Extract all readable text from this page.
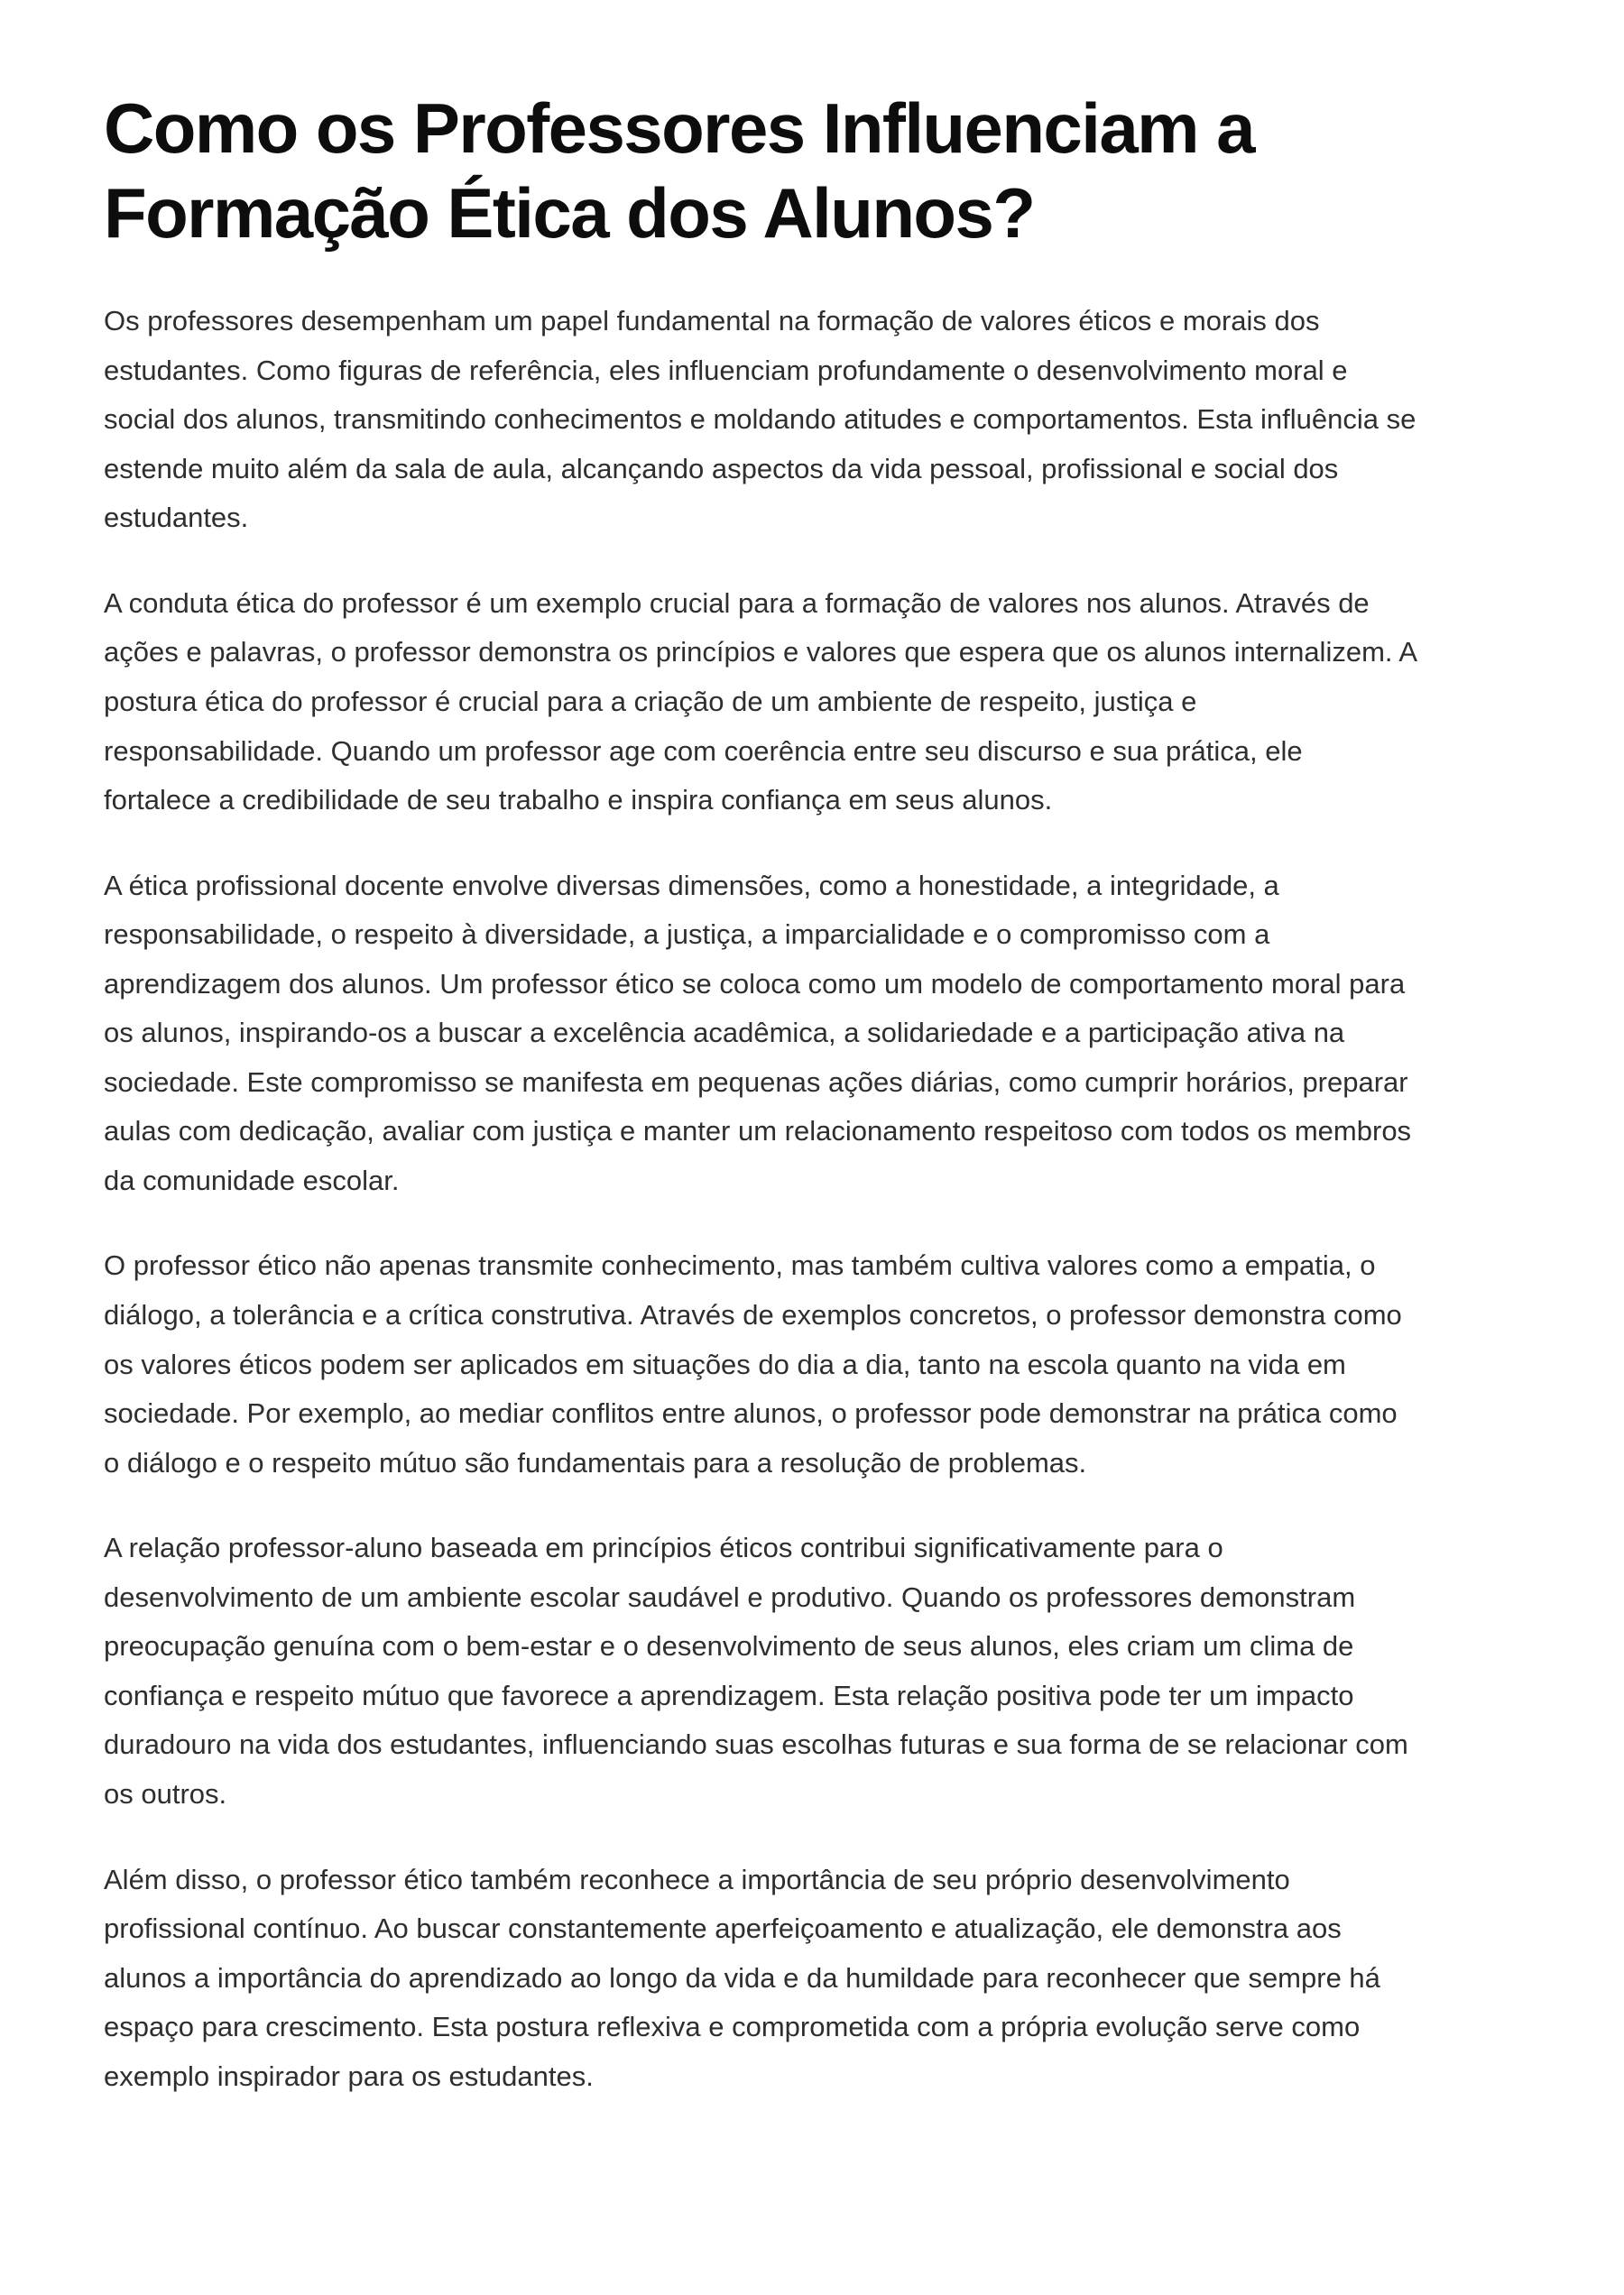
Como os Professores Influenciam a Formação Ética dos Alunos?

Os professores desempenham um papel fundamental na formação de valores éticos e morais dos estudantes. Como figuras de referência, eles influenciam profundamente o desenvolvimento moral e social dos alunos, transmitindo conhecimentos e moldando atitudes e comportamentos. Esta influência se estende muito além da sala de aula, alcançando aspectos da vida pessoal, profissional e social dos estudantes.

A conduta ética do professor é um exemplo crucial para a formação de valores nos alunos. Através de ações e palavras, o professor demonstra os princípios e valores que espera que os alunos internalizem. A postura ética do professor é crucial para a criação de um ambiente de respeito, justiça e responsabilidade. Quando um professor age com coerência entre seu discurso e sua prática, ele fortalece a credibilidade de seu trabalho e inspira confiança em seus alunos.

A ética profissional docente envolve diversas dimensões, como a honestidade, a integridade, a responsabilidade, o respeito à diversidade, a justiça, a imparcialidade e o compromisso com a aprendizagem dos alunos. Um professor ético se coloca como um modelo de comportamento moral para os alunos, inspirando-os a buscar a excelência acadêmica, a solidariedade e a participação ativa na sociedade. Este compromisso se manifesta em pequenas ações diárias, como cumprir horários, preparar aulas com dedicação, avaliar com justiça e manter um relacionamento respeitoso com todos os membros da comunidade escolar.

O professor ético não apenas transmite conhecimento, mas também cultiva valores como a empatia, o diálogo, a tolerância e a crítica construtiva. Através de exemplos concretos, o professor demonstra como os valores éticos podem ser aplicados em situações do dia a dia, tanto na escola quanto na vida em sociedade. Por exemplo, ao mediar conflitos entre alunos, o professor pode demonstrar na prática como o diálogo e o respeito mútuo são fundamentais para a resolução de problemas.

A relação professor-aluno baseada em princípios éticos contribui significativamente para o desenvolvimento de um ambiente escolar saudável e produtivo. Quando os professores demonstram preocupação genuína com o bem-estar e o desenvolvimento de seus alunos, eles criam um clima de confiança e respeito mútuo que favorece a aprendizagem. Esta relação positiva pode ter um impacto duradouro na vida dos estudantes, influenciando suas escolhas futuras e sua forma de se relacionar com os outros.

Além disso, o professor ético também reconhece a importância de seu próprio desenvolvimento profissional contínuo. Ao buscar constantemente aperfeiçoamento e atualização, ele demonstra aos alunos a importância do aprendizado ao longo da vida e da humildade para reconhecer que sempre há espaço para crescimento. Esta postura reflexiva e comprometida com a própria evolução serve como exemplo inspirador para os estudantes.
